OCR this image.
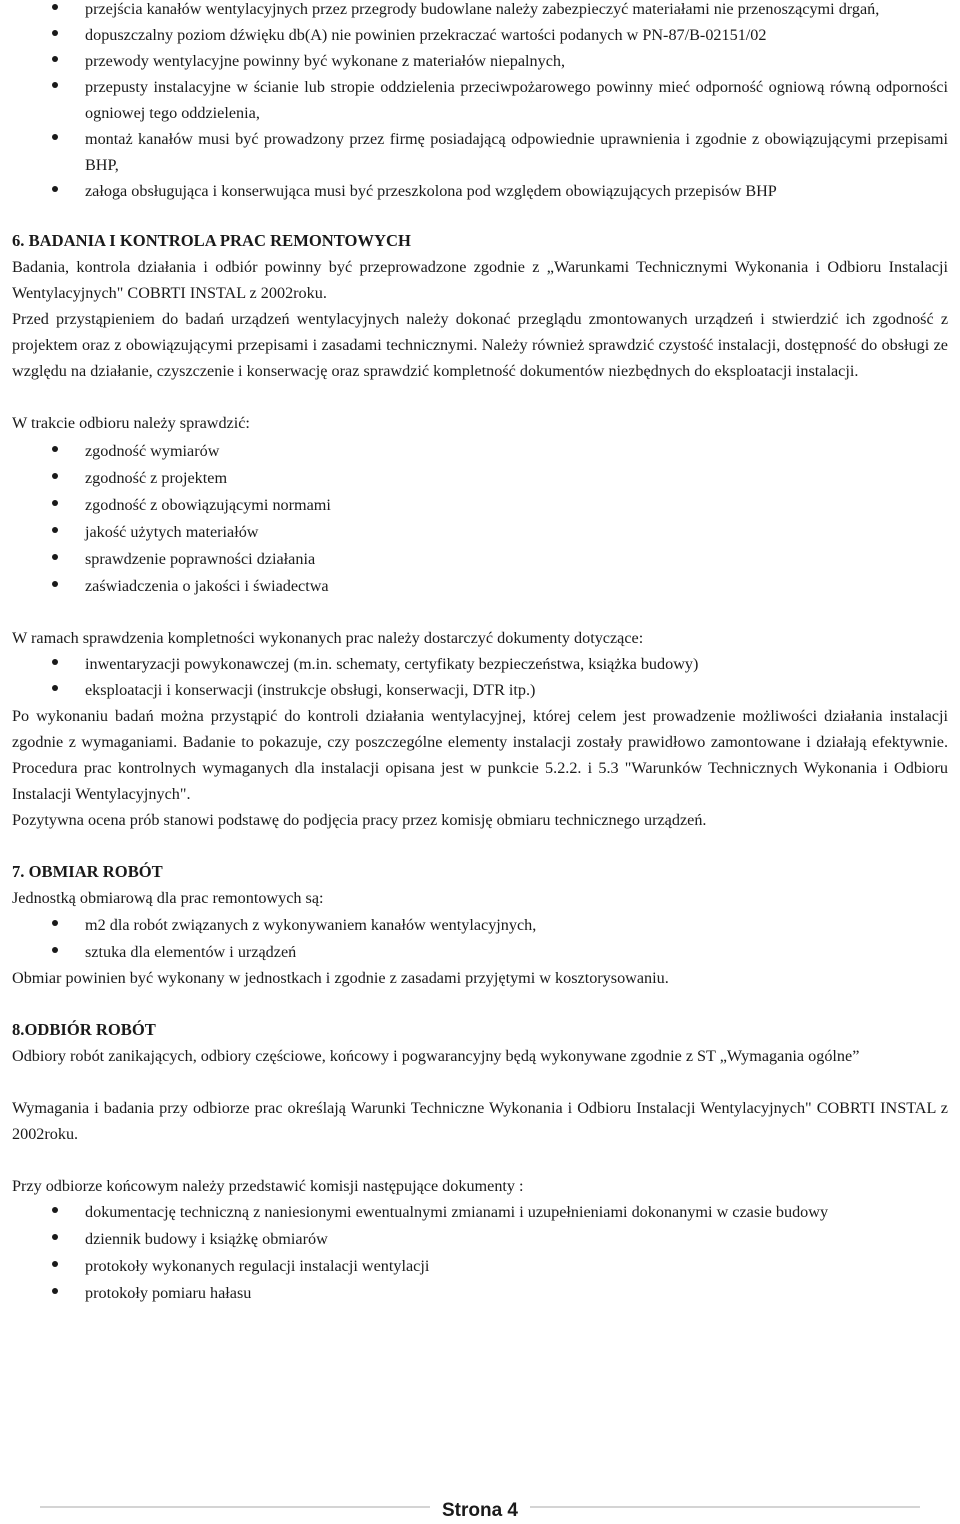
przejścia kanałów wentylacyjnych przez przegrody budowlane należy zabezpieczyć materiałami nie przenoszącymi drgań,
dopuszczalny poziom dźwięku db(A) nie powinien przekraczać wartości podanych w PN-87/B-02151/02
przewody wentylacyjne powinny być wykonane z materiałów niepalnych,
przepusty instalacyjne w ścianie lub stropie oddzielenia przeciwpożarowego powinny mieć odporność ogniową równą odporności ogniowej tego oddzielenia,
montaż kanałów musi być prowadzony przez firmę posiadającą odpowiednie uprawnienia i zgodnie z obowiązującymi przepisami BHP,
załoga obsługująca i konserwująca musi być przeszkolona pod względem obowiązujących przepisów BHP
6. BADANIA I KONTROLA PRAC REMONTOWYCH

Badania, kontrola działania i odbiór powinny być przeprowadzone zgodnie z „Warunkami Technicznymi Wykonania i Odbioru Instalacji Wentylacyjnych" COBRTI INSTAL z 2002roku.

Przed przystąpieniem do badań urządzeń wentylacyjnych należy dokonać przeglądu zmontowanych urządzeń i stwierdzić ich zgodność z projektem oraz z obowiązującymi przepisami i zasadami technicznymi. Należy również sprawdzić czystość instalacji, dostępność do obsługi ze względu na działanie, czyszczenie i konserwację oraz sprawdzić kompletność dokumentów niezbędnych do eksploatacji instalacji.

W trakcie odbioru należy sprawdzić:

zgodność wymiarów
zgodność z projektem
zgodność z obowiązującymi normami
jakość użytych materiałów
sprawdzenie poprawności działania
zaświadczenia o jakości i świadectwa

W ramach sprawdzenia kompletności wykonanych prac należy dostarczyć dokumenty dotyczące:

inwentaryzacji powykonawczej (m.in. schematy, certyfikaty bezpieczeństwa, książka budowy)
eksploatacji i konserwacji (instrukcje obsługi, konserwacji, DTR itp.)

Po wykonaniu badań można przystąpić do kontroli działania wentylacyjnej, której celem jest prowadzenie możliwości działania instalacji zgodnie z wymaganiami. Badanie to pokazuje, czy poszczególne elementy instalacji zostały prawidłowo zamontowane i działają efektywnie. Procedura prac kontrolnych wymaganych dla instalacji opisana jest w punkcie 5.2.2. i 5.3 "Warunków Technicznych Wykonania i Odbioru Instalacji Wentylacyjnych".

Pozytywna ocena prób stanowi podstawę do podjęcia pracy przez komisję obmiaru technicznego urządzeń.

7. OBMIAR ROBÓT

Jednostką obmiarową dla prac remontowych są:

m2 dla robót związanych z wykonywaniem kanałów wentylacyjnych,
sztuka dla elementów i urządzeń

Obmiar powinien być wykonany w jednostkach i zgodnie z zasadami przyjętymi w kosztorysowaniu.

8.ODBIÓR ROBÓT

Odbiory robót zanikających, odbiory częściowe, końcowy i pogwarancyjny będą wykonywane zgodnie z ST „Wymagania ogólne”

Wymagania i badania przy odbiorze prac określają Warunki Techniczne Wykonania i Odbioru Instalacji Wentylacyjnych" COBRTI INSTAL z 2002roku.

Przy odbiorze końcowym należy przedstawić komisji następujące dokumenty :

dokumentację techniczną z naniesionymi ewentualnymi zmianami i uzupełnieniami dokonanymi w czasie budowy
dziennik budowy i książkę obmiarów
protokoły wykonanych regulacji instalacji wentylacji
protokoły pomiaru hałasu
Strona 4
